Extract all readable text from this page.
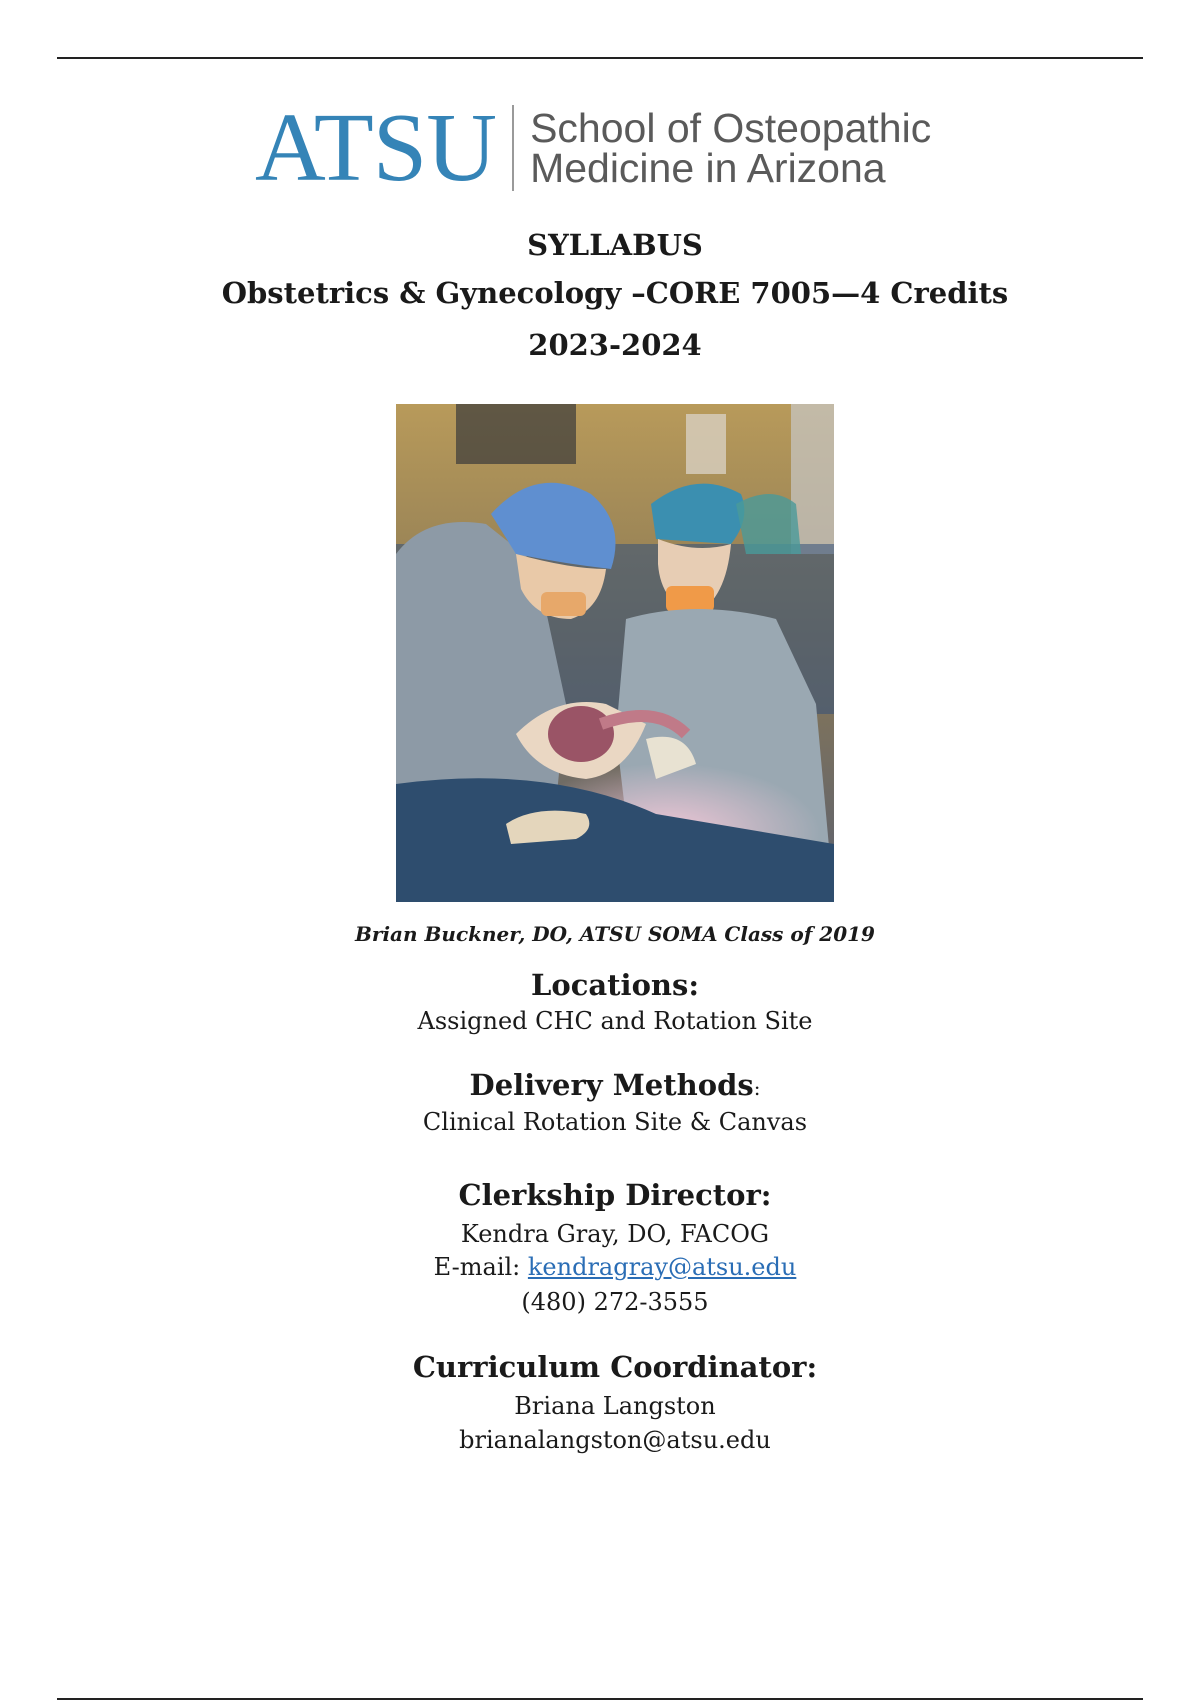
ATSU School of Osteopathic
Medicine in Arizona
SYLLABUS
Obstetrics & Gynecology –CORE 7005—4 Credits
2023-2024
Brian Buckner, DO, ATSU SOMA Class of 2019
Locations:
Assigned CHC and Rotation Site
Delivery Methods:
Clinical Rotation Site & Canvas
Clerkship Director:
Kendra Gray, DO, FACOG
E-mail: kendragray@atsu.edu
(480) 272-3555
Curriculum Coordinator:
Briana Langston
brianalangston@atsu.edu
